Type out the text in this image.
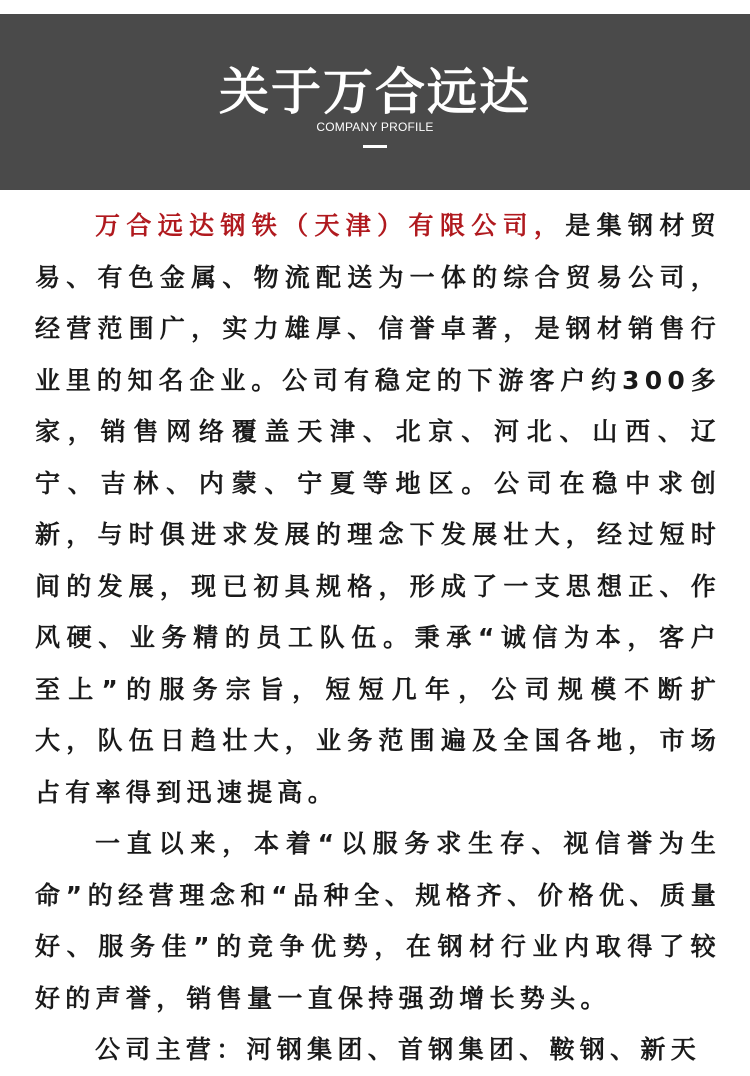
关于万合远达
COMPANY PROFILE

万合远达钢铁（天津）有限公司，是集钢材贸易、有色金属、物流配送为一体的综合贸易公司，经营范围广，实力雄厚、信誉卓著，是钢材销售行业里的知名企业。公司有稳定的下游客户约300多家，销售网络覆盖天津、北京、河北、山西、辽宁、吉林、内蒙、宁夏等地区。公司在稳中求创新，与时俱进求发展的理念下发展壮大，经过短时间的发展，现已初具规格，形成了一支思想正、作风硬、业务精的员工队伍。秉承“诚信为本，客户至上”的服务宗旨，短短几年，公司规模不断扩大，队伍日趋壮大，业务范围遍及全国各地，市场占有率得到迅速提高。

一直以来，本着“以服务求生存、视信誉为生命”的经营理念和“品种全、规格齐、价格优、质量好、服务佳”的竞争优势，在钢材行业内取得了较好的声誉，销售量一直保持强劲增长势头。

公司主营：河钢集团、首钢集团、鞍钢、新天
